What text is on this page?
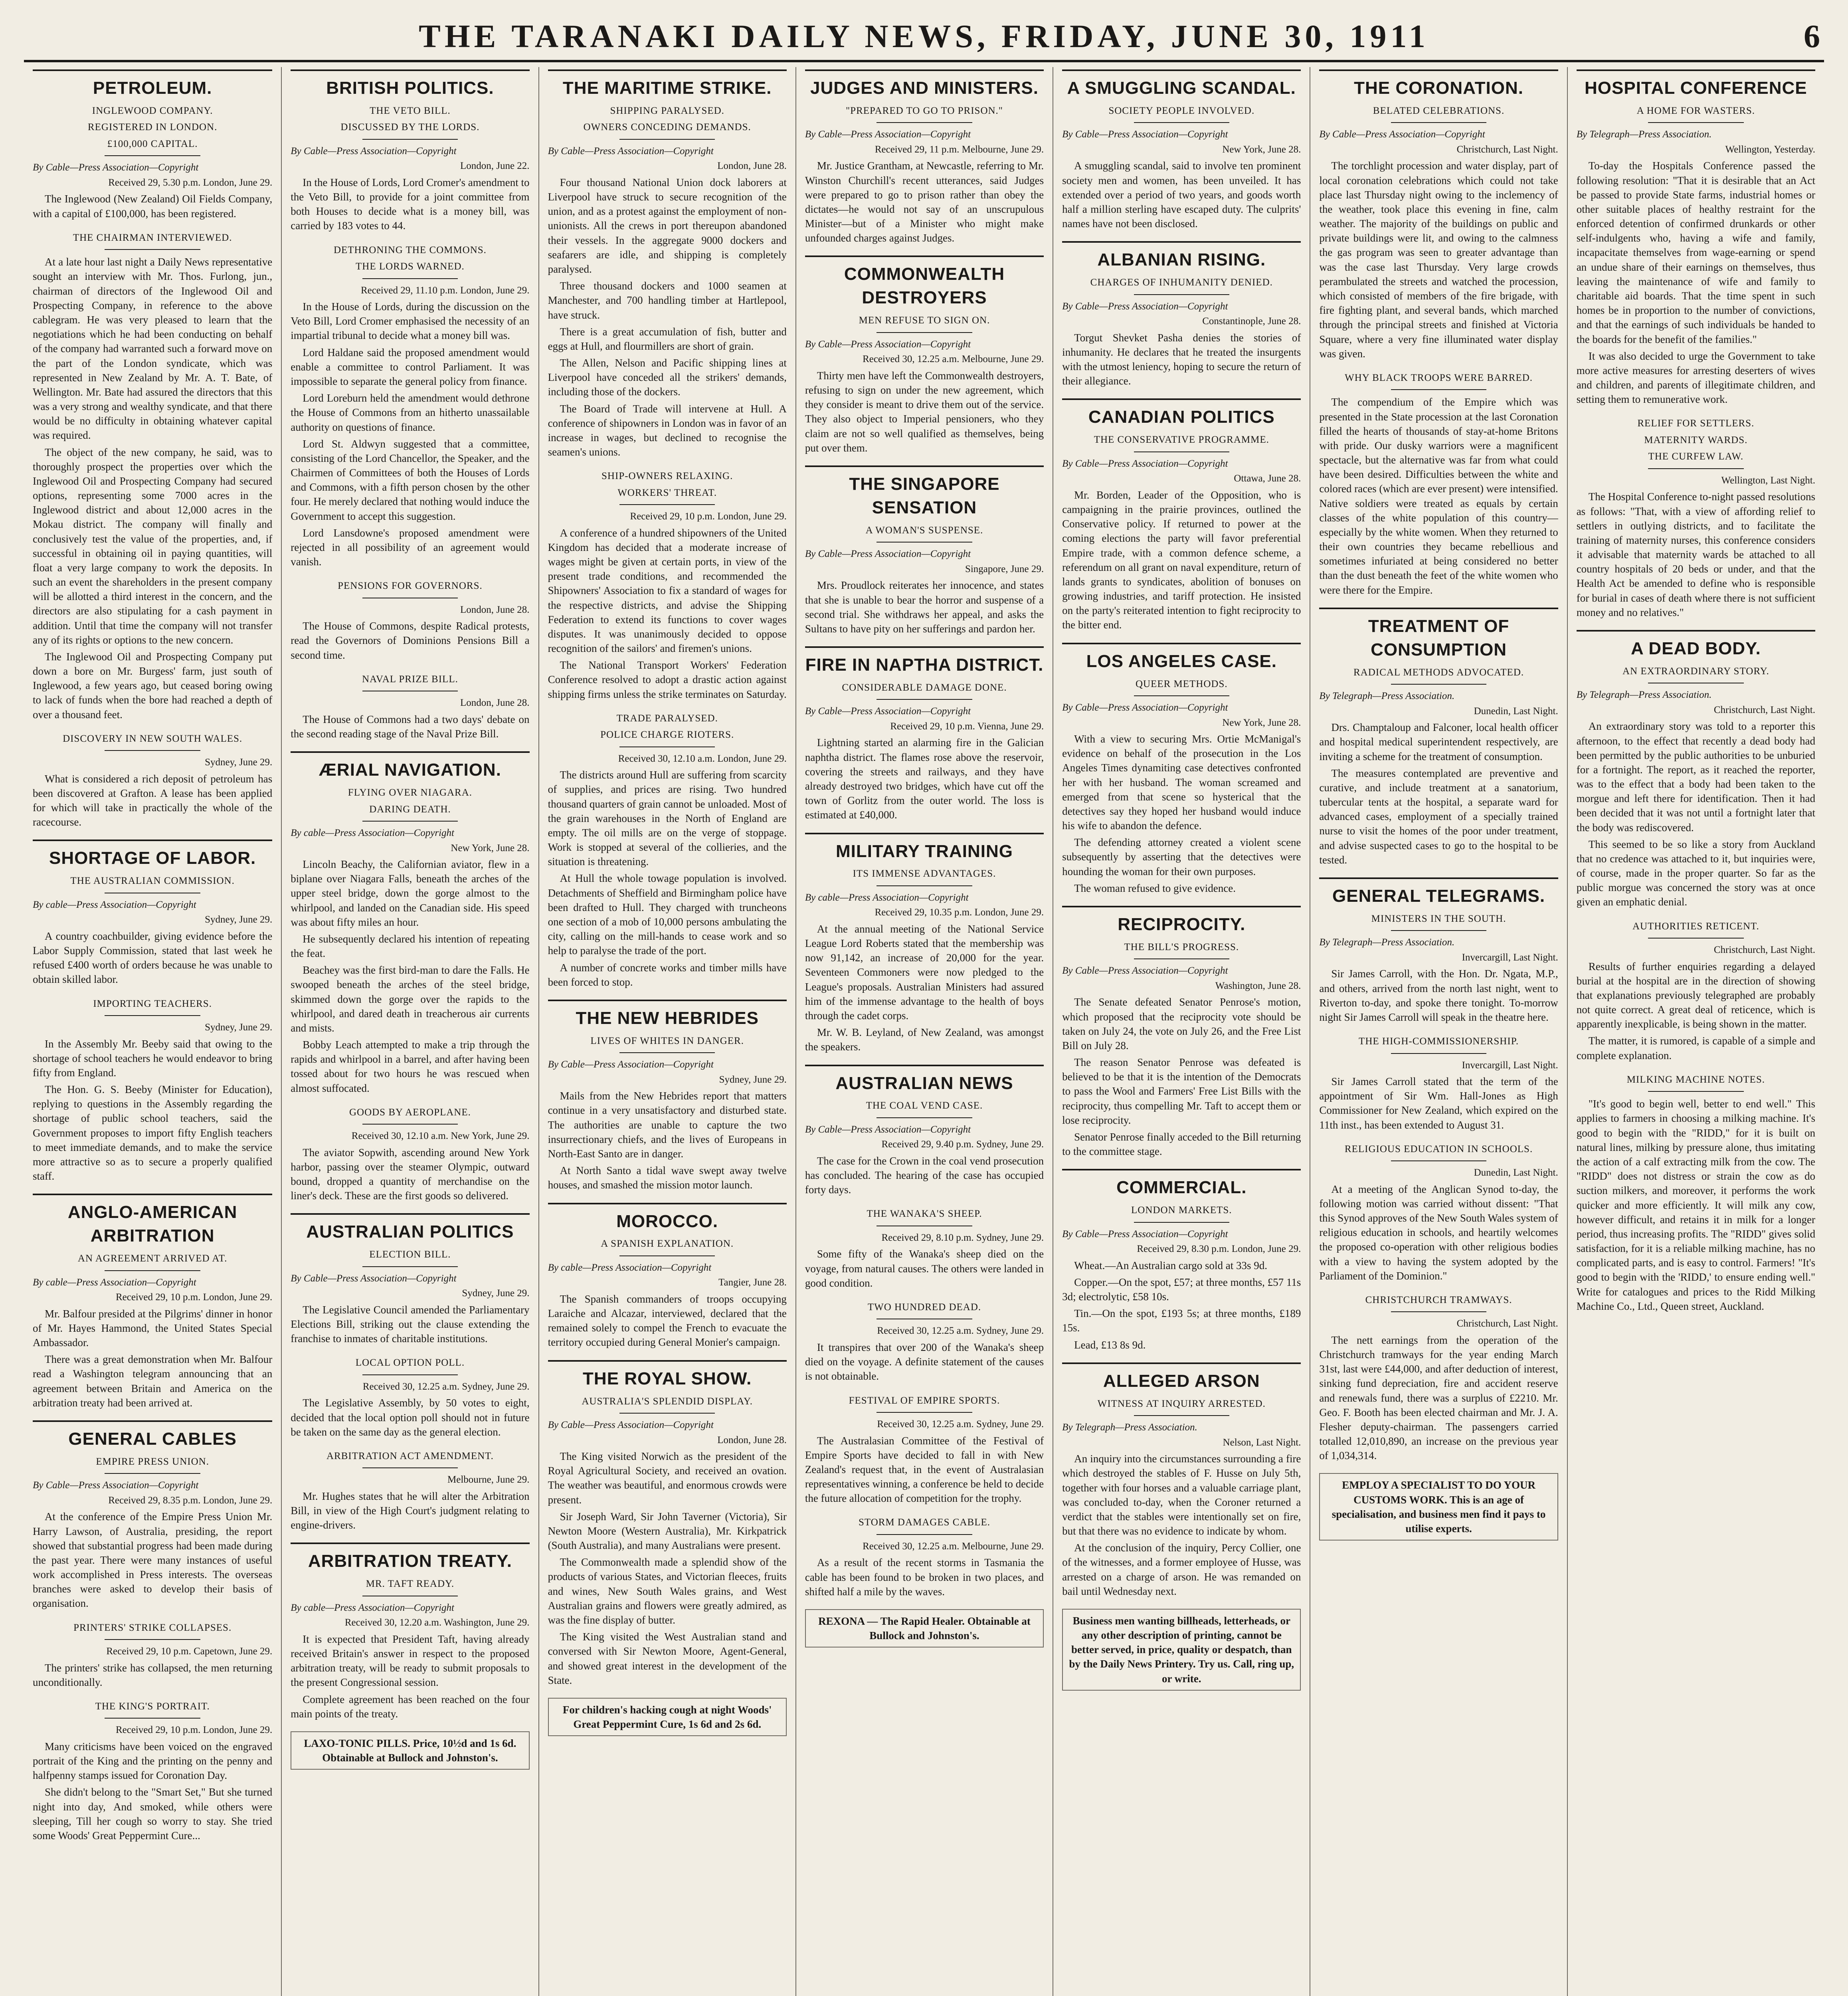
THE TARANAKI DAILY NEWS, FRIDAY, JUNE 30, 1911	6
PETROLEUM.
INGLEWOOD COMPANY.
REGISTERED IN LONDON.
£100,000 CAPITAL.
By Cable—Press Association—Copyright
Received 29, 5.30 p.m. London, June 29.

The Inglewood (New Zealand) Oil Fields Company, with a capital of £100,000, has been registered.

THE CHAIRMAN INTERVIEWED.

At a late hour last night a Daily News representative sought an interview with Mr. Thos. Furlong, jun., chairman of directors of the Inglewood Oil and Prospecting Company, in reference to the above cablegram. He was very pleased to learn that the negotiations which he had been conducting on behalf of the company had warranted such a forward move on the part of the London syndicate, which was represented in New Zealand by Mr. A. T. Bate, of Wellington. Mr. Bate had assured the directors that this was a very strong and wealthy syndicate, and that there would be no difficulty in obtaining whatever capital was required.

The object of the new company, he said, was to thoroughly prospect the properties over which the Inglewood Oil and Prospecting Company had secured options, representing some 7000 acres in the Inglewood district and about 12,000 acres in the Mokau district. The company will finally and conclusively test the value of the properties, and, if successful in obtaining oil in paying quantities, will float a very large company to work the deposits. In such an event the shareholders in the present company will be allotted a third interest in the concern, and the directors are also stipulating for a cash payment in addition. Until that time the company will not transfer any of its rights or options to the new concern.

The Inglewood Oil and Prospecting Company put down a bore on Mr. Burgess' farm, just south of Inglewood, a few years ago, but ceased boring owing to lack of funds when the bore had reached a depth of over a thousand feet.

DISCOVERY IN NEW SOUTH WALES.
Sydney, June 29.

What is considered a rich deposit of petroleum has been discovered at Grafton. A lease has been applied for which will take in practically the whole of the racecourse.

SHORTAGE OF LABOR.
THE AUSTRALIAN COMMISSION.
By cable—Press Association—Copyright
Sydney, June 29.

A country coachbuilder, giving evidence before the Labor Supply Commission, stated that last week he refused £400 worth of orders because he was unable to obtain skilled labor.

IMPORTING TEACHERS.
Sydney, June 29.

In the Assembly Mr. Beeby said that owing to the shortage of school teachers he would endeavor to bring fifty from England.

The Hon. G. S. Beeby (Minister for Education), replying to questions in the Assembly regarding the shortage of public school teachers, said the Government proposes to import fifty English teachers to meet immediate demands, and to make the service more attractive so as to secure a properly qualified staff.

ANGLO-AMERICAN ARBITRATION
AN AGREEMENT ARRIVED AT.
By cable—Press Association—Copyright
Received 29, 10 p.m. London, June 29.

Mr. Balfour presided at the Pilgrims' dinner in honor of Mr. Hayes Hammond, the United States Special Ambassador.

There was a great demonstration when Mr. Balfour read a Washington telegram announcing that an agreement between Britain and America on the arbitration treaty had been arrived at.

GENERAL CABLES
EMPIRE PRESS UNION.
By Cable—Press Association—Copyright
Received 29, 8.35 p.m. London, June 29.

At the conference of the Empire Press Union Mr. Harry Lawson, of Australia, presiding, the report showed that substantial progress had been made during the past year. There were many instances of useful work accomplished in Press interests. The overseas branches were asked to develop their basis of organisation.

PRINTERS' STRIKE COLLAPSES.
Received 29, 10 p.m. Capetown, June 29.

The printers' strike has collapsed, the men returning unconditionally.

THE KING'S PORTRAIT.
Received 29, 10 p.m. London, June 29.

Many criticisms have been voiced on the engraved portrait of the King and the printing on the penny and halfpenny stamps issued for Coronation Day.

She didn't belong to the "Smart Set," But she turned night into day, And smoked, while others were sleeping, Till her cough so worry to stay. She tried some Woods' Great Peppermint Cure...

BRITISH POLITICS.
THE VETO BILL.
DISCUSSED BY THE LORDS.
By Cable—Press Association—Copyright
London, June 22.

In the House of Lords, Lord Cromer's amendment to the Veto Bill, to provide for a joint committee from both Houses to decide what is a money bill, was carried by 183 votes to 44.

DETHRONING THE COMMONS.
THE LORDS WARNED.
Received 29, 11.10 p.m. London, June 29.

In the House of Lords, during the discussion on the Veto Bill, Lord Cromer emphasised the necessity of an impartial tribunal to decide what a money bill was.

Lord Haldane said the proposed amendment would enable a committee to control Parliament. It was impossible to separate the general policy from finance.

Lord Loreburn held the amendment would dethrone the House of Commons from an hitherto unassailable authority on questions of finance.

Lord St. Aldwyn suggested that a committee, consisting of the Lord Chancellor, the Speaker, and the Chairmen of Committees of both the Houses of Lords and Commons, with a fifth person chosen by the other four. He merely declared that nothing would induce the Government to accept this suggestion.

Lord Lansdowne's proposed amendment were rejected in all possibility of an agreement would vanish.

PENSIONS FOR GOVERNORS.
London, June 28.

The House of Commons, despite Radical protests, read the Governors of Dominions Pensions Bill a second time.

NAVAL PRIZE BILL.
London, June 28.

The House of Commons had a two days' debate on the second reading stage of the Naval Prize Bill.

ÆRIAL NAVIGATION.
FLYING OVER NIAGARA.
DARING DEATH.
By cable—Press Association—Copyright
New York, June 28.

Lincoln Beachy, the Californian aviator, flew in a biplane over Niagara Falls, beneath the arches of the upper steel bridge, down the gorge almost to the whirlpool, and landed on the Canadian side. His speed was about fifty miles an hour.

He subsequently declared his intention of repeating the feat.

Beachey was the first bird-man to dare the Falls. He swooped beneath the arches of the steel bridge, skimmed down the gorge over the rapids to the whirlpool, and dared death in treacherous air currents and mists.

Bobby Leach attempted to make a trip through the rapids and whirlpool in a barrel, and after having been tossed about for two hours he was rescued when almost suffocated.

GOODS BY AEROPLANE.
Received 30, 12.10 a.m. New York, June 29.

The aviator Sopwith, ascending around New York harbor, passing over the steamer Olympic, outward bound, dropped a quantity of merchandise on the liner's deck. These are the first goods so delivered.

AUSTRALIAN POLITICS
ELECTION BILL.
By Cable—Press Association—Copyright
Sydney, June 29.

The Legislative Council amended the Parliamentary Elections Bill, striking out the clause extending the franchise to inmates of charitable institutions.

LOCAL OPTION POLL.
Received 30, 12.25 a.m. Sydney, June 29.

The Legislative Assembly, by 50 votes to eight, decided that the local option poll should not in future be taken on the same day as the general election.

ARBITRATION ACT AMENDMENT.
Melbourne, June 29.

Mr. Hughes states that he will alter the Arbitration Bill, in view of the High Court's judgment relating to engine-drivers.

ARBITRATION TREATY.
MR. TAFT READY.
By cable—Press Association—Copyright
Received 30, 12.20 a.m. Washington, June 29.

It is expected that President Taft, having already received Britain's answer in respect to the proposed arbitration treaty, will be ready to submit proposals to the present Congressional session.

Complete agreement has been reached on the four main points of the treaty.

LAXO-TONIC PILLS. Price, 10½d and 1s 6d. Obtainable at Bullock and Johnston's.
THE MARITIME STRIKE.
SHIPPING PARALYSED.
OWNERS CONCEDING DEMANDS.
By Cable—Press Association—Copyright
London, June 28.

Four thousand National Union dock laborers at Liverpool have struck to secure recognition of the union, and as a protest against the employment of non-unionists. All the crews in port thereupon abandoned their vessels. In the aggregate 9000 dockers and seafarers are idle, and shipping is completely paralysed.

Three thousand dockers and 1000 seamen at Manchester, and 700 handling timber at Hartlepool, have struck.

There is a great accumulation of fish, butter and eggs at Hull, and flourmillers are short of grain.

The Allen, Nelson and Pacific shipping lines at Liverpool have conceded all the strikers' demands, including those of the dockers.

The Board of Trade will intervene at Hull. A conference of shipowners in London was in favor of an increase in wages, but declined to recognise the seamen's unions.

SHIP-OWNERS RELAXING.
WORKERS' THREAT.
Received 29, 10 p.m. London, June 29.

A conference of a hundred shipowners of the United Kingdom has decided that a moderate increase of wages might be given at certain ports, in view of the present trade conditions, and recommended the Shipowners' Association to fix a standard of wages for the respective districts, and advise the Shipping Federation to extend its functions to cover wages disputes. It was unanimously decided to oppose recognition of the sailors' and firemen's unions.

The National Transport Workers' Federation Conference resolved to adopt a drastic action against shipping firms unless the strike terminates on Saturday.

TRADE PARALYSED.
POLICE CHARGE RIOTERS.
Received 30, 12.10 a.m. London, June 29.

The districts around Hull are suffering from scarcity of supplies, and prices are rising. Two hundred thousand quarters of grain cannot be unloaded. Most of the grain warehouses in the North of England are empty. The oil mills are on the verge of stoppage. Work is stopped at several of the collieries, and the situation is threatening.

At Hull the whole towage population is involved. Detachments of Sheffield and Birmingham police have been drafted to Hull. They charged with truncheons one section of a mob of 10,000 persons ambulating the city, calling on the mill-hands to cease work and so help to paralyse the trade of the port.

A number of concrete works and timber mills have been forced to stop.

THE NEW HEBRIDES
LIVES OF WHITES IN DANGER.
By Cable—Press Association—Copyright
Sydney, June 29.

Mails from the New Hebrides report that matters continue in a very unsatisfactory and disturbed state. The authorities are unable to capture the two insurrectionary chiefs, and the lives of Europeans in North-East Santo are in danger.

At North Santo a tidal wave swept away twelve houses, and smashed the mission motor launch.

MOROCCO.
A SPANISH EXPLANATION.
By cable—Press Association—Copyright
Tangier, June 28.

The Spanish commanders of troops occupying Laraiche and Alcazar, interviewed, declared that the remained solely to compel the French to evacuate the territory occupied during General Monier's campaign.

THE ROYAL SHOW.
AUSTRALIA'S SPLENDID DISPLAY.
By Cable—Press Association—Copyright
London, June 28.

The King visited Norwich as the president of the Royal Agricultural Society, and received an ovation. The weather was beautiful, and enormous crowds were present.

Sir Joseph Ward, Sir John Taverner (Victoria), Sir Newton Moore (Western Australia), Mr. Kirkpatrick (South Australia), and many Australians were present.

The Commonwealth made a splendid show of the products of various States, and Victorian fleeces, fruits and wines, New South Wales grains, and West Australian grains and flowers were greatly admired, as was the fine display of butter.

The King visited the West Australian stand and conversed with Sir Newton Moore, Agent-General, and showed great interest in the development of the State.

For children's hacking cough at night Woods' Great Peppermint Cure, 1s 6d and 2s 6d.
JUDGES AND MINISTERS.
"PREPARED TO GO TO PRISON."
By Cable—Press Association—Copyright
Received 29, 11 p.m. Melbourne, June 29.

Mr. Justice Grantham, at Newcastle, referring to Mr. Winston Churchill's recent utterances, said Judges were prepared to go to prison rather than obey the dictates—he would not say of an unscrupulous Minister—but of a Minister who might make unfounded charges against Judges.

COMMONWEALTH DESTROYERS
MEN REFUSE TO SIGN ON.
By Cable—Press Association—Copyright
Received 30, 12.25 a.m. Melbourne, June 29.

Thirty men have left the Commonwealth destroyers, refusing to sign on under the new agreement, which they consider is meant to drive them out of the service. They also object to Imperial pensioners, who they claim are not so well qualified as themselves, being put over them.

THE SINGAPORE SENSATION
A WOMAN'S SUSPENSE.
By Cable—Press Association—Copyright
Singapore, June 29.

Mrs. Proudlock reiterates her innocence, and states that she is unable to bear the horror and suspense of a second trial. She withdraws her appeal, and asks the Sultans to have pity on her sufferings and pardon her.

FIRE IN NAPTHA DISTRICT.
CONSIDERABLE DAMAGE DONE.
By Cable—Press Association—Copyright
Received 29, 10 p.m. Vienna, June 29.

Lightning started an alarming fire in the Galician naphtha district. The flames rose above the reservoir, covering the streets and railways, and they have already destroyed two bridges, which have cut off the town of Gorlitz from the outer world. The loss is estimated at £40,000.

MILITARY TRAINING
ITS IMMENSE ADVANTAGES.
By cable—Press Association—Copyright
Received 29, 10.35 p.m. London, June 29.

At the annual meeting of the National Service League Lord Roberts stated that the membership was now 91,142, an increase of 20,000 for the year. Seventeen Commoners were now pledged to the League's proposals. Australian Ministers had assured him of the immense advantage to the health of boys through the cadet corps.

Mr. W. B. Leyland, of New Zealand, was amongst the speakers.

AUSTRALIAN NEWS
THE COAL VEND CASE.
By Cable—Press Association—Copyright
Received 29, 9.40 p.m. Sydney, June 29.

The case for the Crown in the coal vend prosecution has concluded. The hearing of the case has occupied forty days.

THE WANAKA'S SHEEP.
Received 29, 8.10 p.m. Sydney, June 29.

Some fifty of the Wanaka's sheep died on the voyage, from natural causes. The others were landed in good condition.

TWO HUNDRED DEAD.
Received 30, 12.25 a.m. Sydney, June 29.

It transpires that over 200 of the Wanaka's sheep died on the voyage. A definite statement of the causes is not obtainable.

FESTIVAL OF EMPIRE SPORTS.
Received 30, 12.25 a.m. Sydney, June 29.

The Australasian Committee of the Festival of Empire Sports have decided to fall in with New Zealand's request that, in the event of Australasian representatives winning, a conference be held to decide the future allocation of competition for the trophy.

STORM DAMAGES CABLE.
Received 30, 12.25 a.m. Melbourne, June 29.

As a result of the recent storms in Tasmania the cable has been found to be broken in two places, and shifted half a mile by the waves.

REXONA — The Rapid Healer. Obtainable at Bullock and Johnston's.
A SMUGGLING SCANDAL.
SOCIETY PEOPLE INVOLVED.
By Cable—Press Association—Copyright
New York, June 28.

A smuggling scandal, said to involve ten prominent society men and women, has been unveiled. It has extended over a period of two years, and goods worth half a million sterling have escaped duty. The culprits' names have not been disclosed.

ALBANIAN RISING.
CHARGES OF INHUMANITY DENIED.
By Cable—Press Association—Copyright
Constantinople, June 28.

Torgut Shevket Pasha denies the stories of inhumanity. He declares that he treated the insurgents with the utmost leniency, hoping to secure the return of their allegiance.

CANADIAN POLITICS
THE CONSERVATIVE PROGRAMME.
By Cable—Press Association—Copyright
Ottawa, June 28.

Mr. Borden, Leader of the Opposition, who is campaigning in the prairie provinces, outlined the Conservative policy. If returned to power at the coming elections the party will favor preferential Empire trade, with a common defence scheme, a referendum on all grant on naval expenditure, return of lands grants to syndicates, abolition of bonuses on growing industries, and tariff protection. He insisted on the party's reiterated intention to fight reciprocity to the bitter end.

LOS ANGELES CASE.
QUEER METHODS.
By Cable—Press Association—Copyright
New York, June 28.

With a view to securing Mrs. Ortie McManigal's evidence on behalf of the prosecution in the Los Angeles Times dynamiting case detectives confronted her with her husband. The woman screamed and emerged from that scene so hysterical that the detectives say they hoped her husband would induce his wife to abandon the defence.

The defending attorney created a violent scene subsequently by asserting that the detectives were hounding the woman for their own purposes.

The woman refused to give evidence.

RECIPROCITY.
THE BILL'S PROGRESS.
By Cable—Press Association—Copyright
Washington, June 28.

The Senate defeated Senator Penrose's motion, which proposed that the reciprocity vote should be taken on July 24, the vote on July 26, and the Free List Bill on July 28.

The reason Senator Penrose was defeated is believed to be that it is the intention of the Democrats to pass the Wool and Farmers' Free List Bills with the reciprocity, thus compelling Mr. Taft to accept them or lose reciprocity.

Senator Penrose finally acceded to the Bill returning to the committee stage.

COMMERCIAL.
LONDON MARKETS.
By Cable—Press Association—Copyright
Received 29, 8.30 p.m. London, June 29.

Wheat.—An Australian cargo sold at 33s 9d.

Copper.—On the spot, £57; at three months, £57 11s 3d; electrolytic, £58 10s.

Tin.—On the spot, £193 5s; at three months, £189 15s.

Lead, £13 8s 9d.

ALLEGED ARSON
WITNESS AT INQUIRY ARRESTED.
By Telegraph—Press Association.
Nelson, Last Night.

An inquiry into the circumstances surrounding a fire which destroyed the stables of F. Husse on July 5th, together with four horses and a valuable carriage plant, was concluded to-day, when the Coroner returned a verdict that the stables were intentionally set on fire, but that there was no evidence to indicate by whom.

At the conclusion of the inquiry, Percy Collier, one of the witnesses, and a former employee of Husse, was arrested on a charge of arson. He was remanded on bail until Wednesday next.

Business men wanting billheads, letterheads, or any other description of printing, cannot be better served, in price, quality or despatch, than by the Daily News Printery. Try us. Call, ring up, or write.
THE CORONATION.
BELATED CELEBRATIONS.
By Cable—Press Association—Copyright
Christchurch, Last Night.

The torchlight procession and water display, part of local coronation celebrations which could not take place last Thursday night owing to the inclemency of the weather, took place this evening in fine, calm weather. The majority of the buildings on public and private buildings were lit, and owing to the calmness the gas program was seen to greater advantage than was the case last Thursday. Very large crowds perambulated the streets and watched the procession, which consisted of members of the fire brigade, with fire fighting plant, and several bands, which marched through the principal streets and finished at Victoria Square, where a very fine illuminated water display was given.

WHY BLACK TROOPS WERE BARRED.

The compendium of the Empire which was presented in the State procession at the last Coronation filled the hearts of thousands of stay-at-home Britons with pride. Our dusky warriors were a magnificent spectacle, but the alternative was far from what could have been desired. Difficulties between the white and colored races (which are ever present) were intensified. Native soldiers were treated as equals by certain classes of the white population of this country—especially by the white women. When they returned to their own countries they became rebellious and sometimes infuriated at being considered no better than the dust beneath the feet of the white women who were there for the Empire.

TREATMENT OF CONSUMPTION
RADICAL METHODS ADVOCATED.
By Telegraph—Press Association.
Dunedin, Last Night.

Drs. Champtaloup and Falconer, local health officer and hospital medical superintendent respectively, are inviting a scheme for the treatment of consumption.

The measures contemplated are preventive and curative, and include treatment at a sanatorium, tubercular tents at the hospital, a separate ward for advanced cases, employment of a specially trained nurse to visit the homes of the poor under treatment, and advise suspected cases to go to the hospital to be tested.

GENERAL TELEGRAMS.
MINISTERS IN THE SOUTH.
By Telegraph—Press Association.
Invercargill, Last Night.

Sir James Carroll, with the Hon. Dr. Ngata, M.P., and others, arrived from the north last night, went to Riverton to-day, and spoke there tonight. To-morrow night Sir James Carroll will speak in the theatre here.

THE HIGH-COMMISSIONERSHIP.
Invercargill, Last Night.

Sir James Carroll stated that the term of the appointment of Sir Wm. Hall-Jones as High Commissioner for New Zealand, which expired on the 11th inst., has been extended to August 31.

RELIGIOUS EDUCATION IN SCHOOLS.
Dunedin, Last Night.

At a meeting of the Anglican Synod to-day, the following motion was carried without dissent: "That this Synod approves of the New South Wales system of religious education in schools, and heartily welcomes the proposed co-operation with other religious bodies with a view to having the system adopted by the Parliament of the Dominion."

CHRISTCHURCH TRAMWAYS.
Christchurch, Last Night.

The nett earnings from the operation of the Christchurch tramways for the year ending March 31st, last were £44,000, and after deduction of interest, sinking fund depreciation, fire and accident reserve and renewals fund, there was a surplus of £2210. Mr. Geo. F. Booth has been elected chairman and Mr. J. A. Flesher deputy-chairman. The passengers carried totalled 12,010,890, an increase on the previous year of 1,034,314.

EMPLOY A SPECIALIST TO DO YOUR CUSTOMS WORK. This is an age of specialisation, and business men find it pays to utilise experts.
HOSPITAL CONFERENCE
A HOME FOR WASTERS.
By Telegraph—Press Association.
Wellington, Yesterday.

To-day the Hospitals Conference passed the following resolution: "That it is desirable that an Act be passed to provide State farms, industrial homes or other suitable places of healthy restraint for the enforced detention of confirmed drunkards or other self-indulgents who, having a wife and family, incapacitate themselves from wage-earning or spend an undue share of their earnings on themselves, thus leaving the maintenance of wife and family to charitable aid boards. That the time spent in such homes be in proportion to the number of convictions, and that the earnings of such individuals be handed to the boards for the benefit of the families."

It was also decided to urge the Government to take more active measures for arresting deserters of wives and children, and parents of illegitimate children, and setting them to remunerative work.

RELIEF FOR SETTLERS.
MATERNITY WARDS.
THE CURFEW LAW.
Wellington, Last Night.

The Hospital Conference to-night passed resolutions as follows: "That, with a view of affording relief to settlers in outlying districts, and to facilitate the training of maternity nurses, this conference considers it advisable that maternity wards be attached to all country hospitals of 20 beds or under, and that the Health Act be amended to define who is responsible for burial in cases of death where there is not sufficient money and no relatives."

A DEAD BODY.
AN EXTRAORDINARY STORY.
By Telegraph—Press Association.
Christchurch, Last Night.

An extraordinary story was told to a reporter this afternoon, to the effect that recently a dead body had been permitted by the public authorities to be unburied for a fortnight. The report, as it reached the reporter, was to the effect that a body had been taken to the morgue and left there for identification. Then it had been decided that it was not until a fortnight later that the body was rediscovered.

This seemed to be so like a story from Auckland that no credence was attached to it, but inquiries were, of course, made in the proper quarter. So far as the public morgue was concerned the story was at once given an emphatic denial.

AUTHORITIES RETICENT.
Christchurch, Last Night.

Results of further enquiries regarding a delayed burial at the hospital are in the direction of showing that explanations previously telegraphed are probably not quite correct. A great deal of reticence, which is apparently inexplicable, is being shown in the matter.

The matter, it is rumored, is capable of a simple and complete explanation.

MILKING MACHINE NOTES.

"It's good to begin well, better to end well." This applies to farmers in choosing a milking machine. It's good to begin with the "RIDD," for it is built on natural lines, milking by pressure alone, thus imitating the action of a calf extracting milk from the cow. The "RIDD" does not distress or strain the cow as do suction milkers, and moreover, it performs the work quicker and more efficiently. It will milk any cow, however difficult, and retains it in milk for a longer period, thus increasing profits. The "RIDD" gives solid satisfaction, for it is a reliable milking machine, has no complicated parts, and is easy to control. Farmers! "It's good to begin with the 'RIDD,' to ensure ending well." Write for catalogues and prices to the Ridd Milking Machine Co., Ltd., Queen street, Auckland.
